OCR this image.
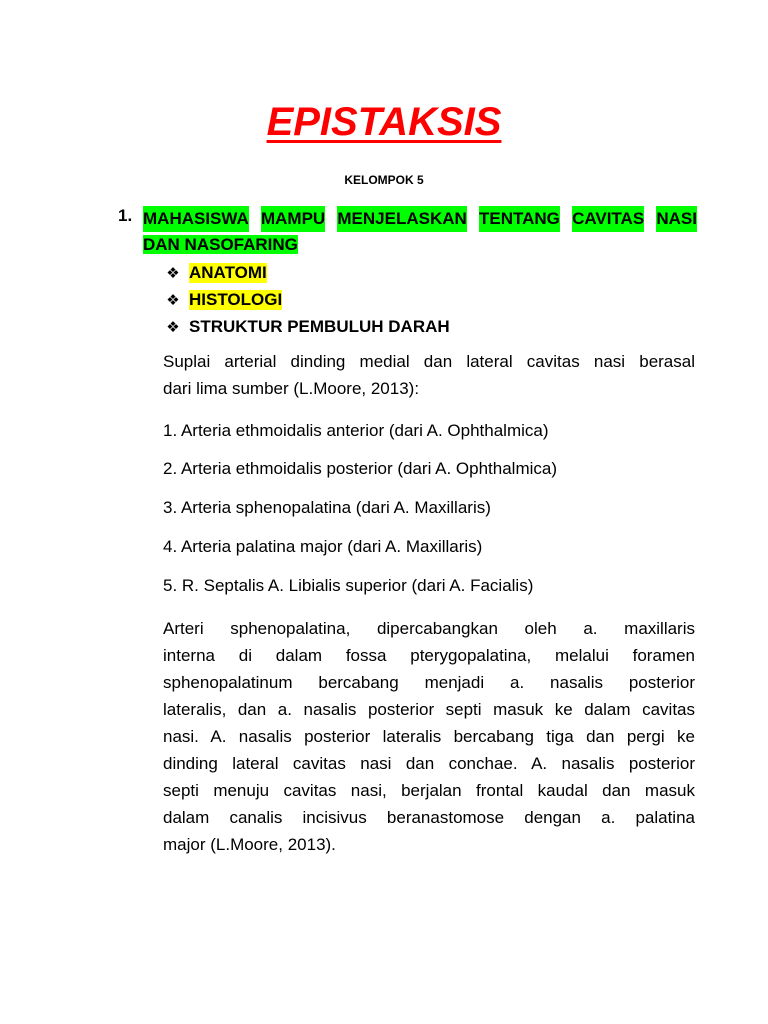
EPISTAKSIS
KELOMPOK 5
1. MAHASISWA MAMPU MENJELASKAN TENTANG CAVITAS NASI
DAN NASOFARING
❖ ANATOMI
❖ HISTOLOGI
❖ STRUKTUR PEMBULUH DARAH
Suplai arterial dinding medial dan lateral cavitas nasi berasal
dari lima sumber (L.Moore, 2013):
1. Arteria ethmoidalis anterior (dari A. Ophthalmica)
2. Arteria ethmoidalis posterior (dari A. Ophthalmica)
3. Arteria sphenopalatina (dari A. Maxillaris)
4. Arteria palatina major (dari A. Maxillaris)
5. R. Septalis A. Libialis superior (dari A. Facialis)
Arteri sphenopalatina, dipercabangkan oleh a. maxillaris
interna di dalam fossa pterygopalatina, melalui foramen
sphenopalatinum bercabang menjadi a. nasalis posterior
lateralis, dan a. nasalis posterior septi masuk ke dalam cavitas
nasi. A. nasalis posterior lateralis bercabang tiga dan pergi ke
dinding lateral cavitas nasi dan conchae. A. nasalis posterior
septi menuju cavitas nasi, berjalan frontal kaudal dan masuk
dalam canalis incisivus beranastomose dengan a. palatina
major (L.Moore, 2013).
